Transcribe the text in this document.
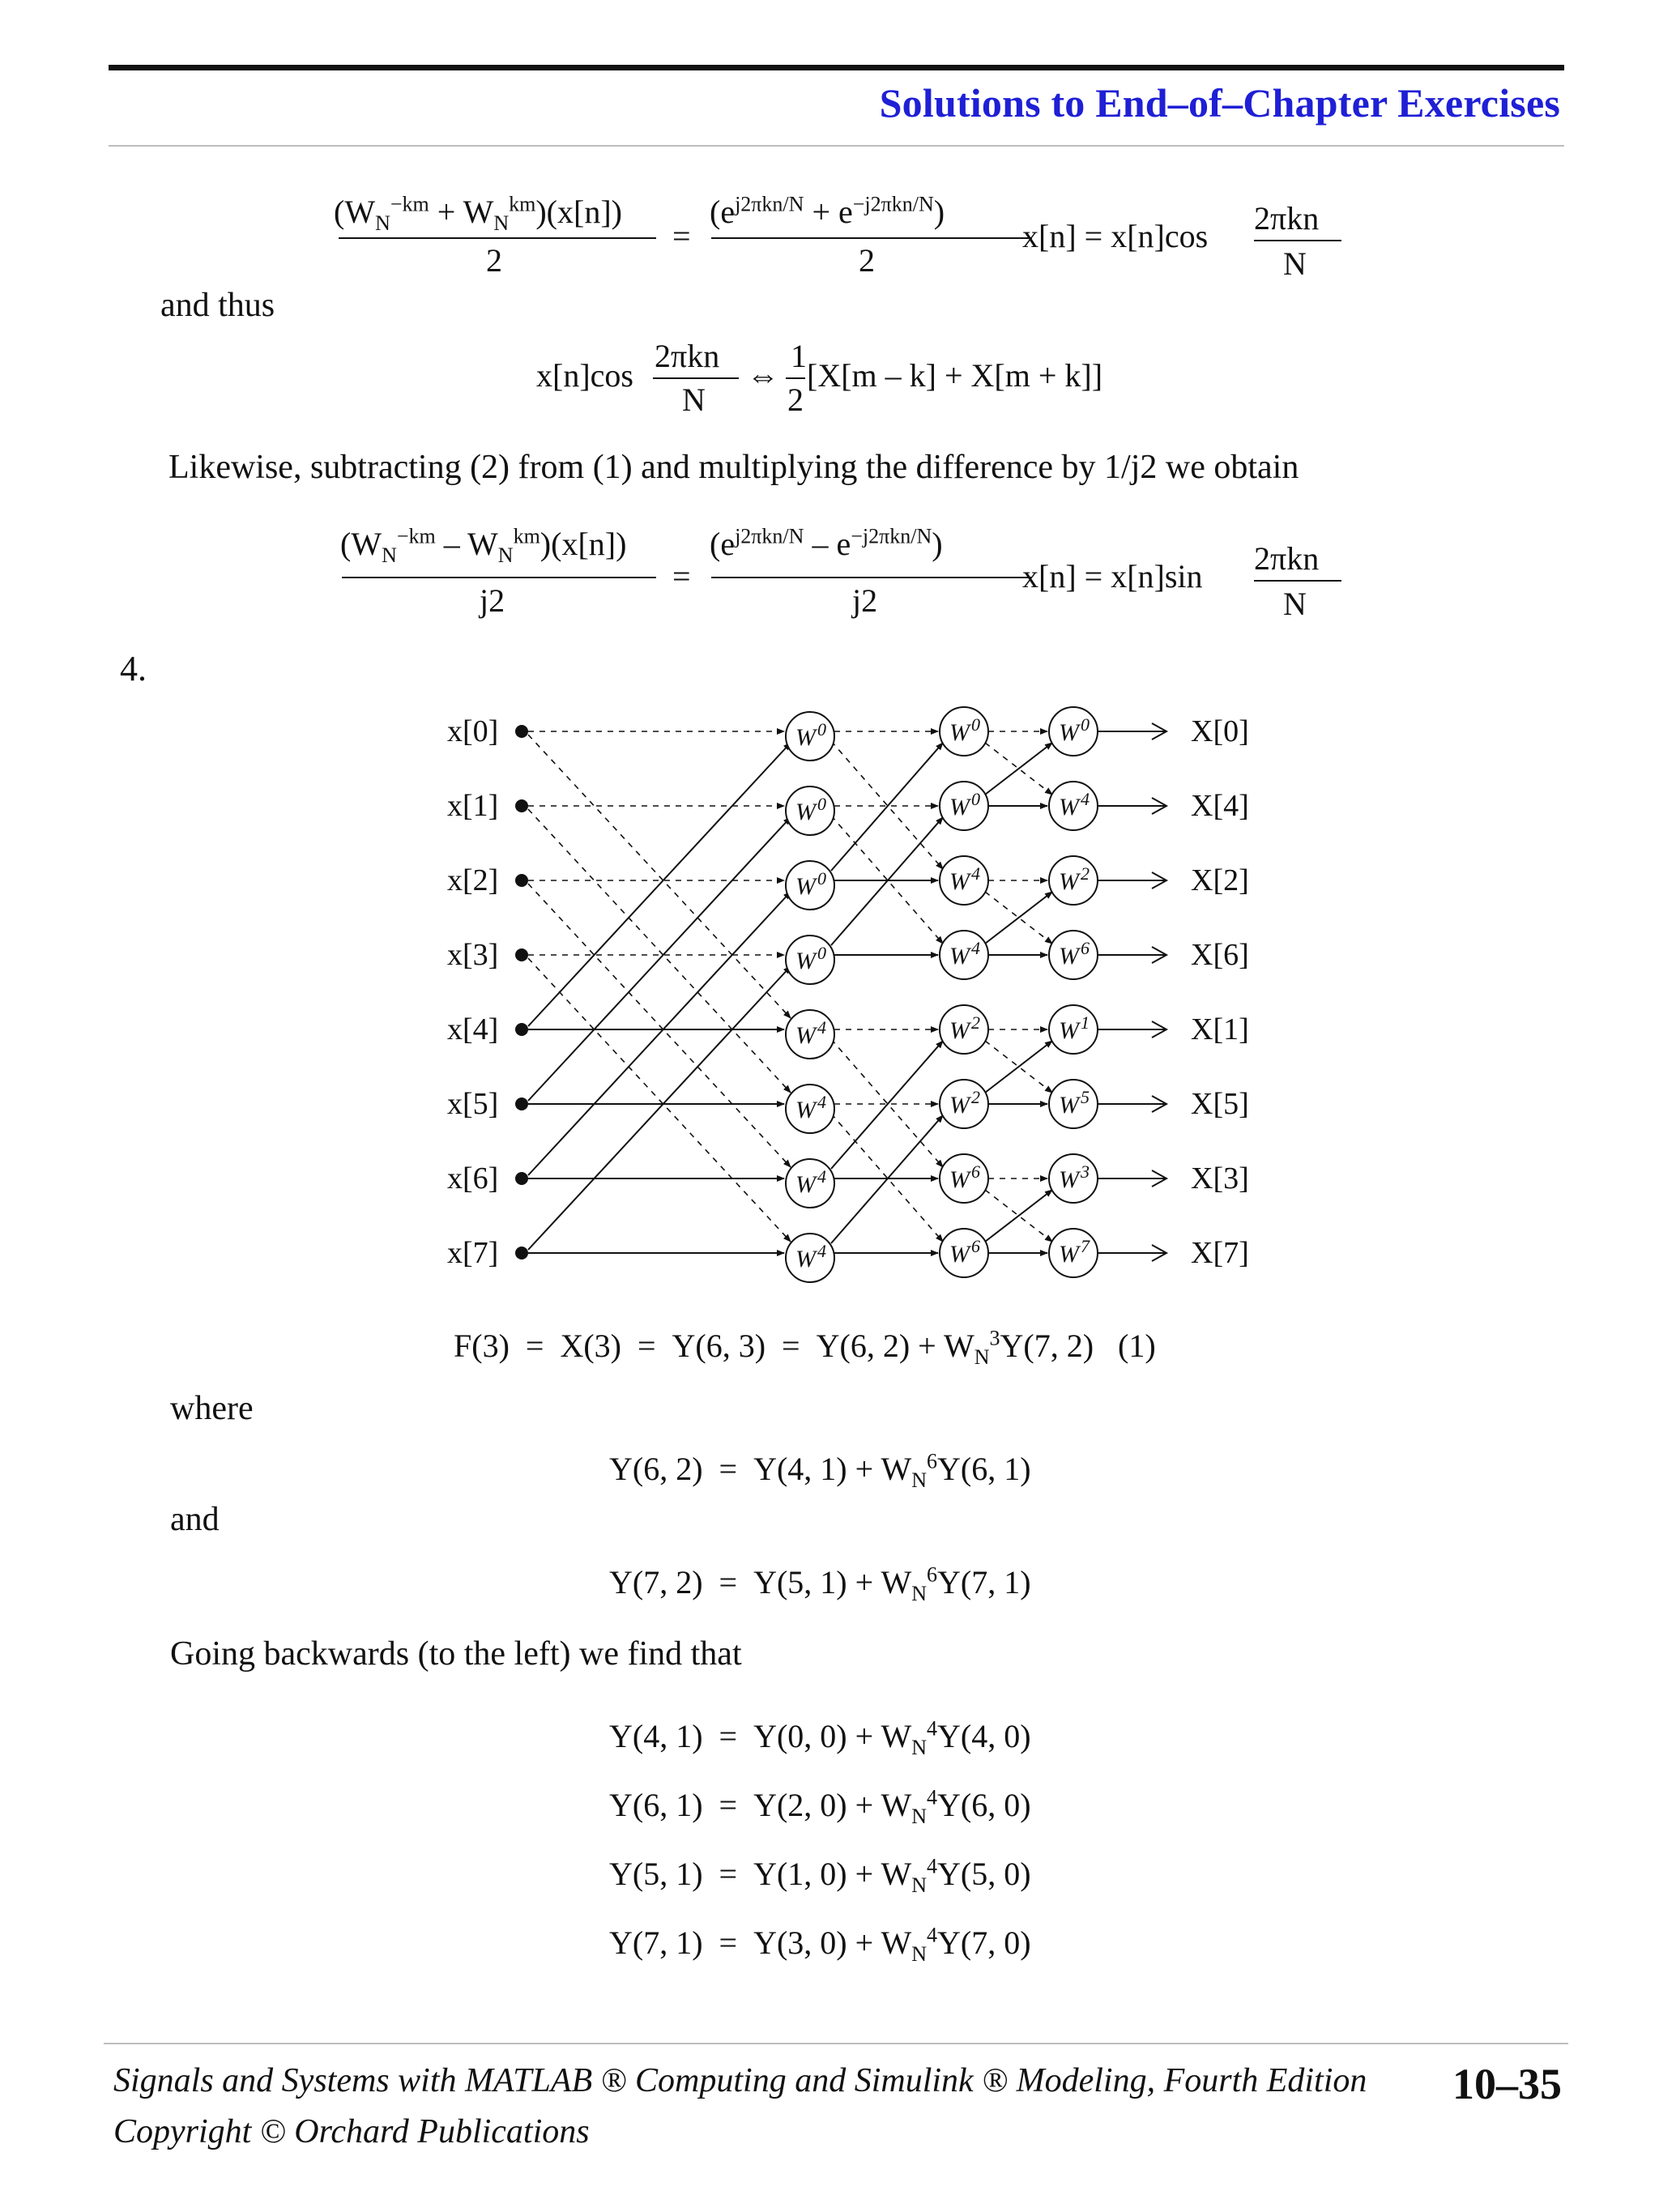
Solutions to End–of–Chapter Exercises
$(W_N^{-km} + W_N^{km})(x[n])$
2
=
$(e^{j2\pi kn/N} + e^{-j2\pi kn/N})$
2
x[n] = x[n]cos 2πkn
N
and thus
x[n]cos
2πkn
N
⇔
1
2
[X[m – k] + X[m + k]]
Likewise, subtracting (2) from (1) and multiplying the difference by 1/j2 we obtain
$(W_N^{-km} - W_N^{km})(x[n])$
j2
=
$(e^{j2\pi kn/N} - e^{-j2\pi kn/N})$
j2
x[n] = x[n]sin 2πkn
N
4.
x[0]	$W^0$	$W^0$	$W^0$	X[0]
x[1]	$W^0$	$W^0$	$W^4$	X[4]
x[2]	$W^0$	$W^4$	$W^2$	X[2]
x[3]	$W^0$	$W^4$	$W^6$	X[6]
x[4]	$W^4$	$W^2$	$W^1$	X[1]
x[5]	$W^4$	$W^2$	$W^5$	X[5]
x[6]	$W^4$	$W^6$	$W^3$	X[3]
x[7]	$W^4$	$W^6$	$W^7$	X[7]
F(3)  =  X(3)  =  Y(6, 3)  =  Y(6, $2) + W_N^3Y(7$, 2)   (1)
where
Y(6, 2)  =  Y(4, $1) + W_N^6Y(6$, 1)
and
Y(7, 2)  =  Y(5, $1) + W_N^6Y(7$, 1)
Going backwards (to the left) we find that
Y(4, 1)  =  Y(0, $0) + W_N^4Y(4$, 0)
Y(6, 1)  =  Y(2, $0) + W_N^4Y(6$, 0)
Y(5, 1)  =  Y(1, $0) + W_N^4Y(5$, 0)
Y(7, 1)  =  Y(3, $0) + W_N^4Y(7$, 0)
Signals and Systems with MATLAB ® Computing and Simulink ® Modeling, Fourth Edition 10–35
Copyright © Orchard Publications
